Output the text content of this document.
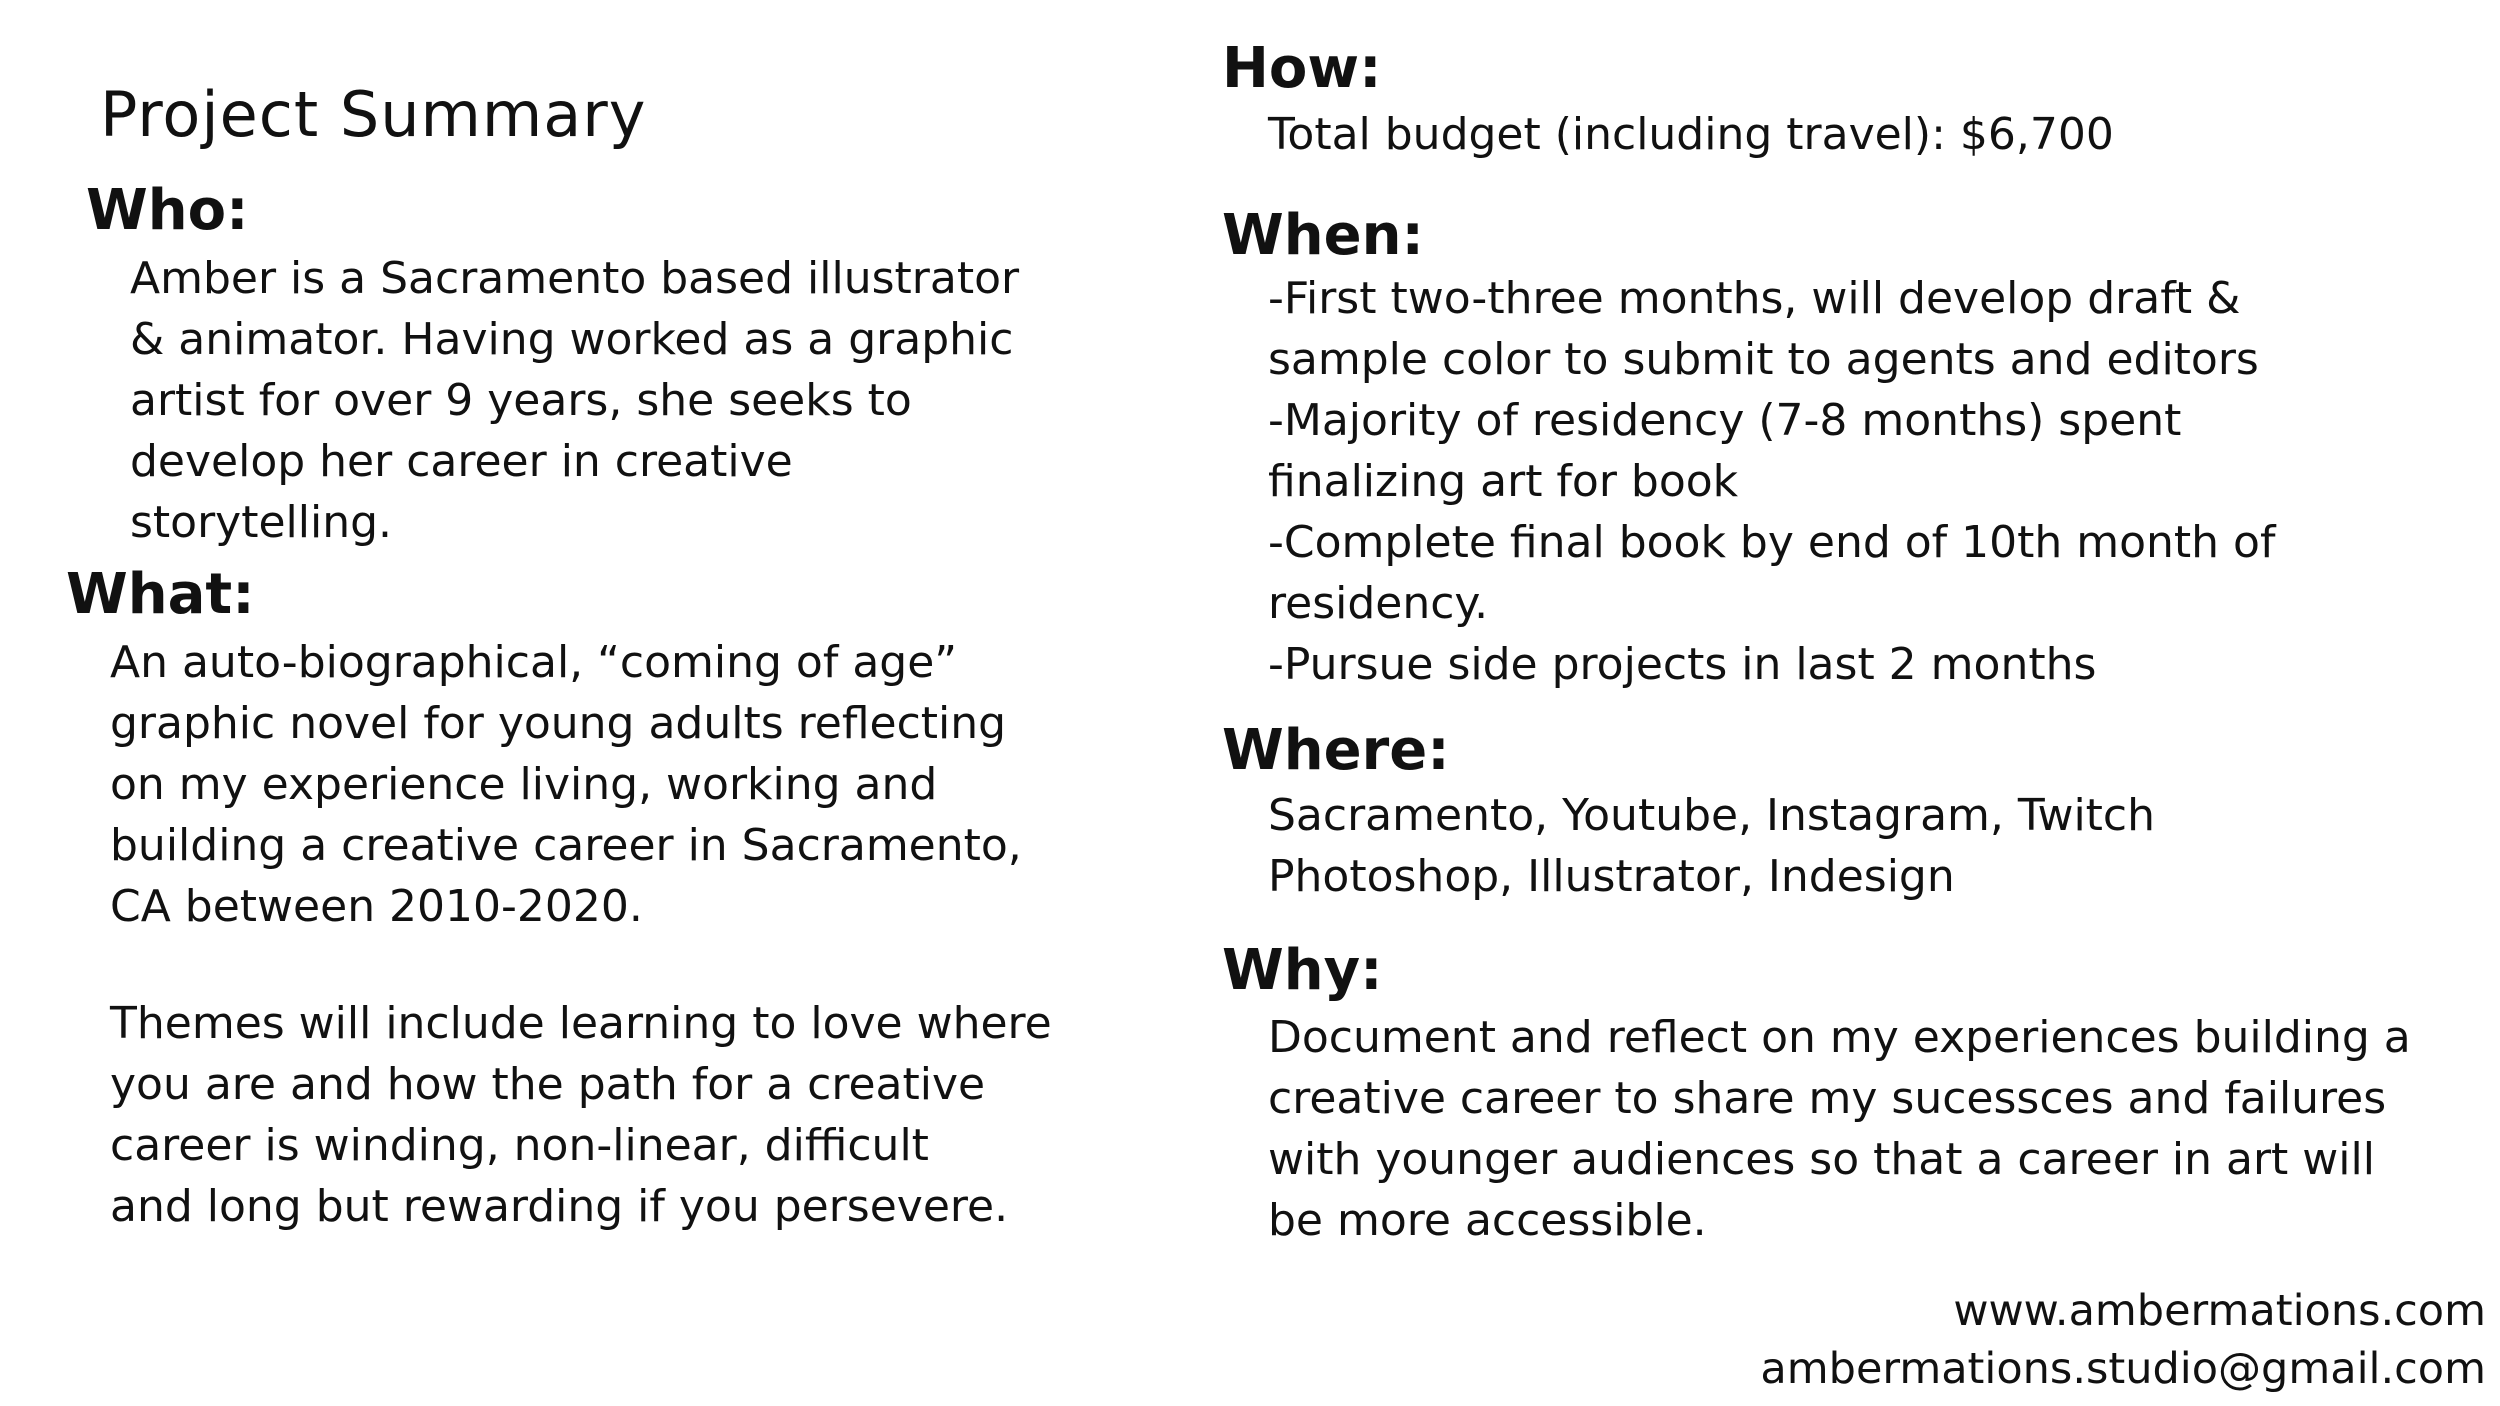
Project Summary
Who:
Amber is a Sacramento based illustrator
& animator. Having worked as a graphic
artist for over 9 years, she seeks to
develop her career in creative
storytelling.
What:
An auto-biographical, “coming of age”
graphic novel for young adults reflecting
on my experience living, working and
building a creative career in Sacramento,
CA between 2010-2020.
Themes will include learning to love where
you are and how the path for a creative
career is winding, non-linear, difficult
and long but rewarding if you persevere.
How:
Total budget (including travel): $6,700
When:
-First two-three months, will develop draft &
sample color to submit to agents and editors
-Majority of residency (7-8 months) spent
finalizing art for book
-Complete final book by end of 10th month of
residency.
-Pursue side projects in last 2 months
Where:
Sacramento, Youtube, Instagram, Twitch
Photoshop, Illustrator, Indesign
Why:
Document and reflect on my experiences building a
creative career to share my sucessces and failures
with younger audiences so that a career in art will
be more accessible.
www.ambermations.com
ambermations.studio@gmail.com
